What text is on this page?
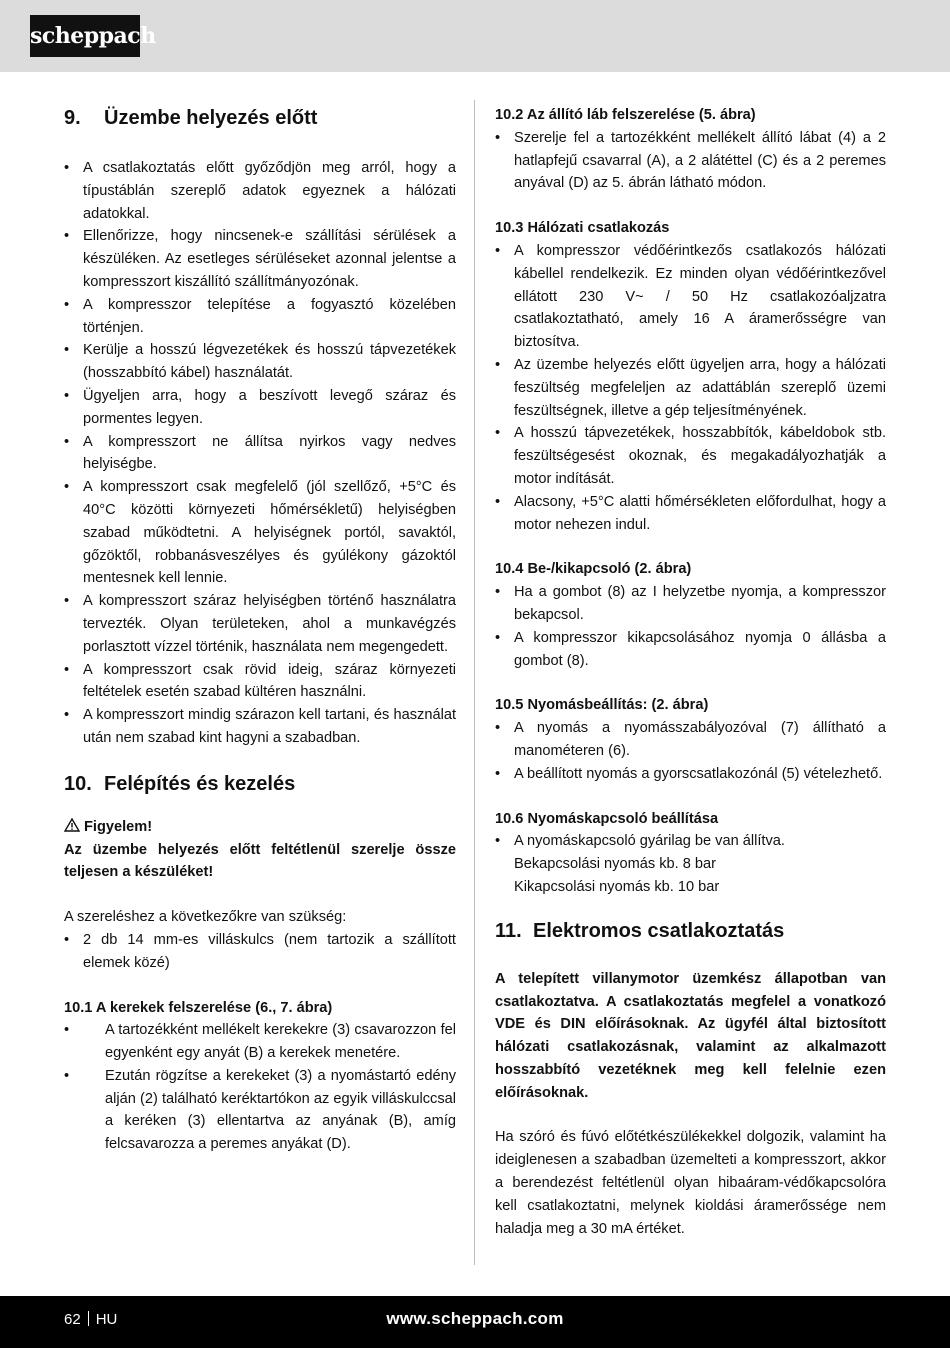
scheppach
9.	Üzembe helyezés előtt
• A csatlakoztatás előtt győződjön meg arról, hogy a típustáblán szereplő adatok egyeznek a hálózati adatokkal.
• Ellenőrizze, hogy nincsenek-e szállítási sérülések a készüléken. Az esetleges sérüléseket azonnal jelentse a kompresszort kiszállító szállítmányozónak.
• A kompresszor telepítése a fogyasztó közelében történjen.
• Kerülje a hosszú légvezetékek és hosszú tápvezetékek (hosszabbító kábel) használatát.
• Ügyeljen arra, hogy a beszívott levegő száraz és pormentes legyen.
• A kompresszort ne állítsa nyirkos vagy nedves helyiségbe.
• A kompresszort csak megfelelő (jól szellőző, +5°C és 40°C közötti környezeti hőmérsékletű) helyiségben szabad működtetni. A helyiségnek portól, savaktól, gőzöktől, robbanásveszélyes és gyúlékony gázoktól mentesnek kell lennie.
• A kompresszort száraz helyiségben történő használatra tervezték. Olyan területeken, ahol a munkavégzés porlasztott vízzel történik, használata nem megengedett.
• A kompresszort csak rövid ideig, száraz környezeti feltételek esetén szabad kültéren használni.
• A kompresszort mindig szárazon kell tartani, és használat után nem szabad kint hagyni a szabadban.
10. Felépítés és kezelés

Figyelem!

Az üzembe helyezés előtt feltétlenül szerelje össze teljesen a készüléket!

A szereléshez a következőkre van szükség:

• 2 db 14 mm-es villáskulcs (nem tartozik a szállított elemek közé)

10.1 A kerekek felszerelése (6., 7. ábra)

• A tartozékként mellékelt kerekekre (3) csavarozzon fel egyenként egy anyát (B) a kerekek menetére.
• Ezután rögzítse a kerekeket (3) a nyomástartó edény alján (2) található keréktartókon az egyik villáskulccsal a keréken (3) ellentartva az anyának (B), amíg felcsavarozza a peremes anyákat (D).

10.2 Az állító láb felszerelése (5. ábra)

• Szerelje fel a tartozékként mellékelt állító lábat (4) a 2 hatlapfejű csavarral (A), a 2 alátéttel (C) és a 2 peremes anyával (D) az 5. ábrán látható módon.

10.3 Hálózati csatlakozás

• A kompresszor védőérintkezős csatlakozós hálózati kábellel rendelkezik. Ez minden olyan védőérintkezővel ellátott 230 V~ / 50 Hz csatlakozóaljzatra csatlakoztatható, amely 16 A áramerősségre van biztosítva.
• Az üzembe helyezés előtt ügyeljen arra, hogy a hálózati feszültség megfeleljen az adattáblán szereplő üzemi feszültségnek, illetve a gép teljesítményének.
• A hosszú tápvezetékek, hosszabbítók, kábeldobok stb. feszültségesést okoznak, és megakadályozhatják a motor indítását.
• Alacsony, +5°C alatti hőmérsékleten előfordulhat, hogy a motor nehezen indul.

10.4 Be-/kikapcsoló (2. ábra)

• Ha a gombot (8) az I helyzetbe nyomja, a kompresszor bekapcsol.
• A kompresszor kikapcsolásához nyomja 0 állásba a gombot (8).

10.5 Nyomásbeállítás: (2. ábra)

• A nyomás a nyomásszabályozóval (7) állítható a manométeren (6).
• A beállított nyomás a gyorscsatlakozónál (5) vételezhető.

10.6 Nyomáskapcsoló beállítása

• A nyomáskapcsoló gyárilag be van állítva.

Bekapcsolási nyomás kb. 8 bar

Kikapcsolási nyomás kb. 10 bar

11. Elektromos csatlakoztatás

A telepített villanymotor üzemkész állapotban van csatlakoztatva. A csatlakoztatás megfelel a vonatkozó VDE és DIN előírásoknak. Az ügyfél által biztosított hálózati csatlakozásnak, valamint az alkalmazott hosszabbító vezetéknek meg kell felelnie ezen előírásoknak.

Ha szóró és fúvó előtétkészülékekkel dolgozik, valamint ha ideiglenesen a szabadban üzemelteti a kompresszort, akkor a berendezést feltétlenül olyan hibaáram-védőkapcsolóra kell csatlakoztatni, melynek kioldási áramerőssége nem haladja meg a 30 mA értéket.

62 HU	www.scheppach.com
